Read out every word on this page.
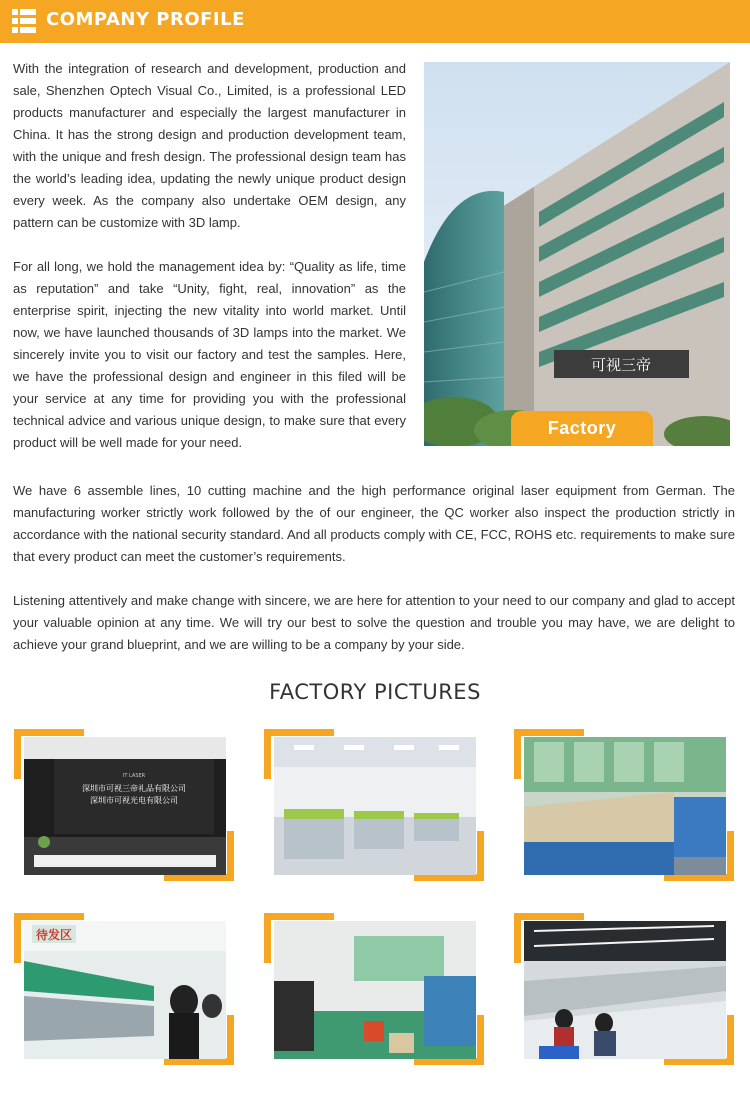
COMPANY PROFILE

With the integration of research and development, production and sale, Shenzhen Optech Visual Co., Limited, is a professional LED products manufacturer and especially the largest manufacturer in China. It has the strong design and production development team, with the unique and fresh design. The professional design team has the world’s leading idea, updating the newly unique product design every week. As the company also undertake OEM design, any pattern can be customize with 3D lamp.

For all long, we hold the management idea by: “Quality as life, time as reputation” and take “Unity, fight, real, innovation” as the enterprise spirit, injecting the new vitality into world market. Until now, we have launched thousands of 3D lamps into the market. We sincerely invite you to visit our factory and test the samples. Here, we have the professional design and engineer in this filed will be your service at any time for providing you with the professional technical advice and various unique design, to make sure that every product will be well made for your need.

可视三帝
Factory

We have 6 assemble lines, 10 cutting machine and the high performance original laser equipment from German. The manufacturing worker strictly work followed by the of our engineer, the QC worker also inspect the production strictly in accordance with the national security standard. And all products comply with CE, FCC, ROHS etc. requirements to make sure that every product can meet the customer’s requirements.

Listening attentively and make change with sincere, we are here for attention to your need to our company and glad to accept your valuable opinion at any time. We will try our best to solve the question and trouble you may have, we are delight to achieve your grand blueprint, and we are willing to be a company by your side.

FACTORY PICTURES
IT LASER
深圳市可视三帝礼品有限公司
深圳市可视光电有限公司
待发区
